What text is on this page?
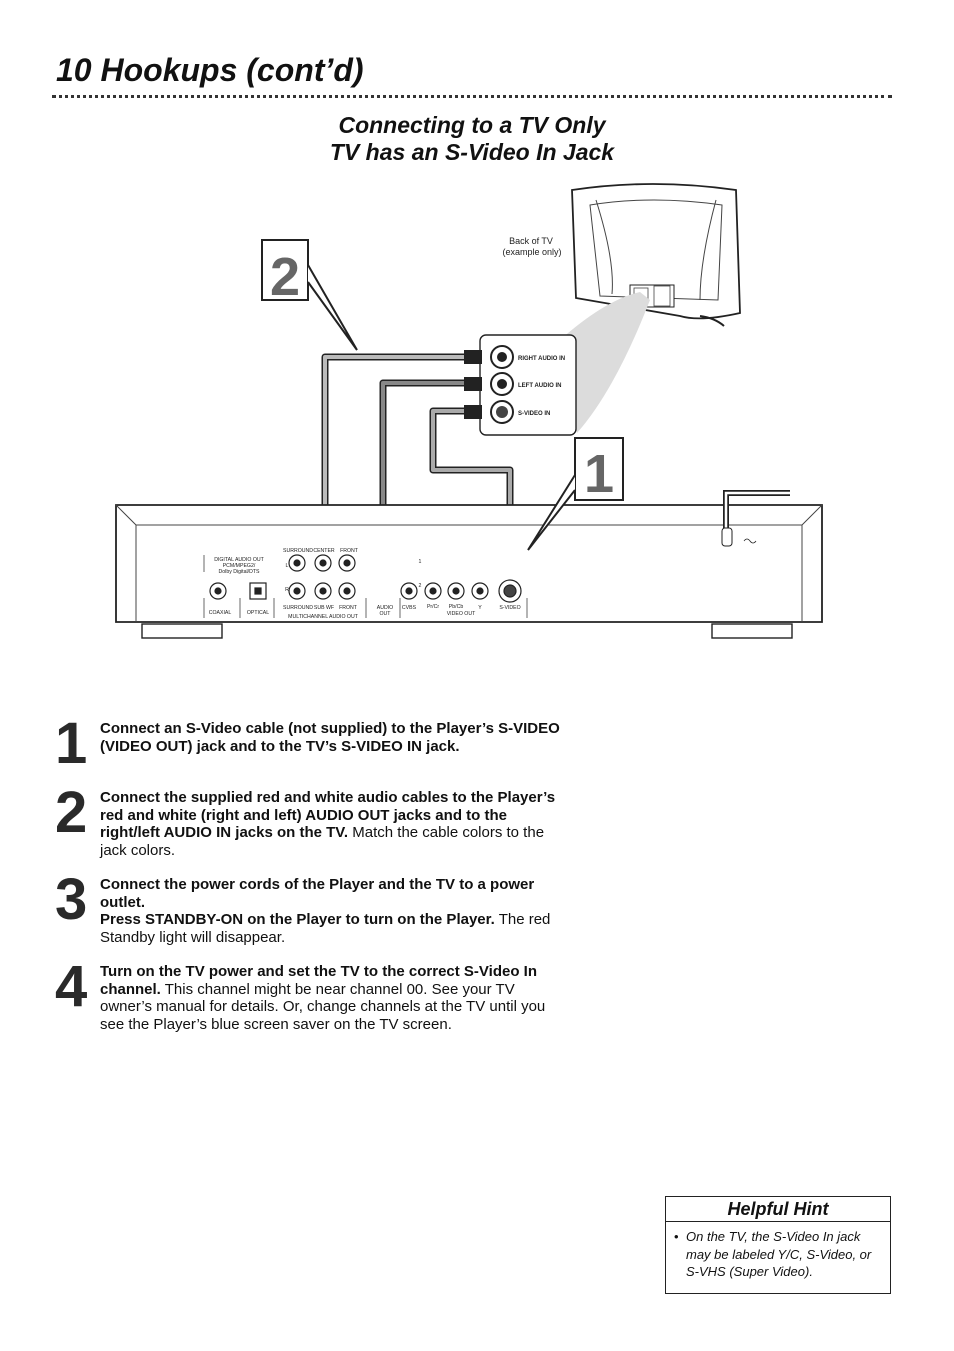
10 Hookups (cont’d)
Connecting to a TV Only
TV has an S-Video In Jack
Back of TV
(example only)
RIGHT AUDIO IN
LEFT AUDIO IN
S-VIDEO IN
DIGITAL AUDIO OUT
PCM/MPEG2/
Dolby Digital/DTS
COAXIAL	OPTICAL
SURROUND CENTER FRONT
L
R
SURROUND SUB WF FRONT
MULTICHANNEL AUDIO OUT
AUDIO
OUT
CVBS Pr/Cr Pb/Cb	Y
VIDEO OUT
S-VIDEO
1
2
2
1
1 Connect an S-Video cable (not supplied) to the Player’s S-VIDEO (VIDEO OUT) jack and to the TV’s S-VIDEO IN jack.
2 Connect the supplied red and white audio cables to the Player’s red and white (right and left) AUDIO OUT jacks and to the right/left AUDIO IN jacks on the TV. Match the cable colors to the jack colors.
3 Connect the power cords of the Player and the TV to a power outlet.
Press STANDBY-ON on the Player to turn on the Player. The red Standby light will disappear.
4 Turn on the TV power and set the TV to the correct S-Video In channel. This channel might be near channel 00. See your TV owner’s manual for details. Or, change channels at the TV until you see the Player’s blue screen saver on the TV screen.
Helpful Hint
• On the TV, the S-Video In jack may be labeled Y/C, S-Video, or S-VHS (Super Video).
